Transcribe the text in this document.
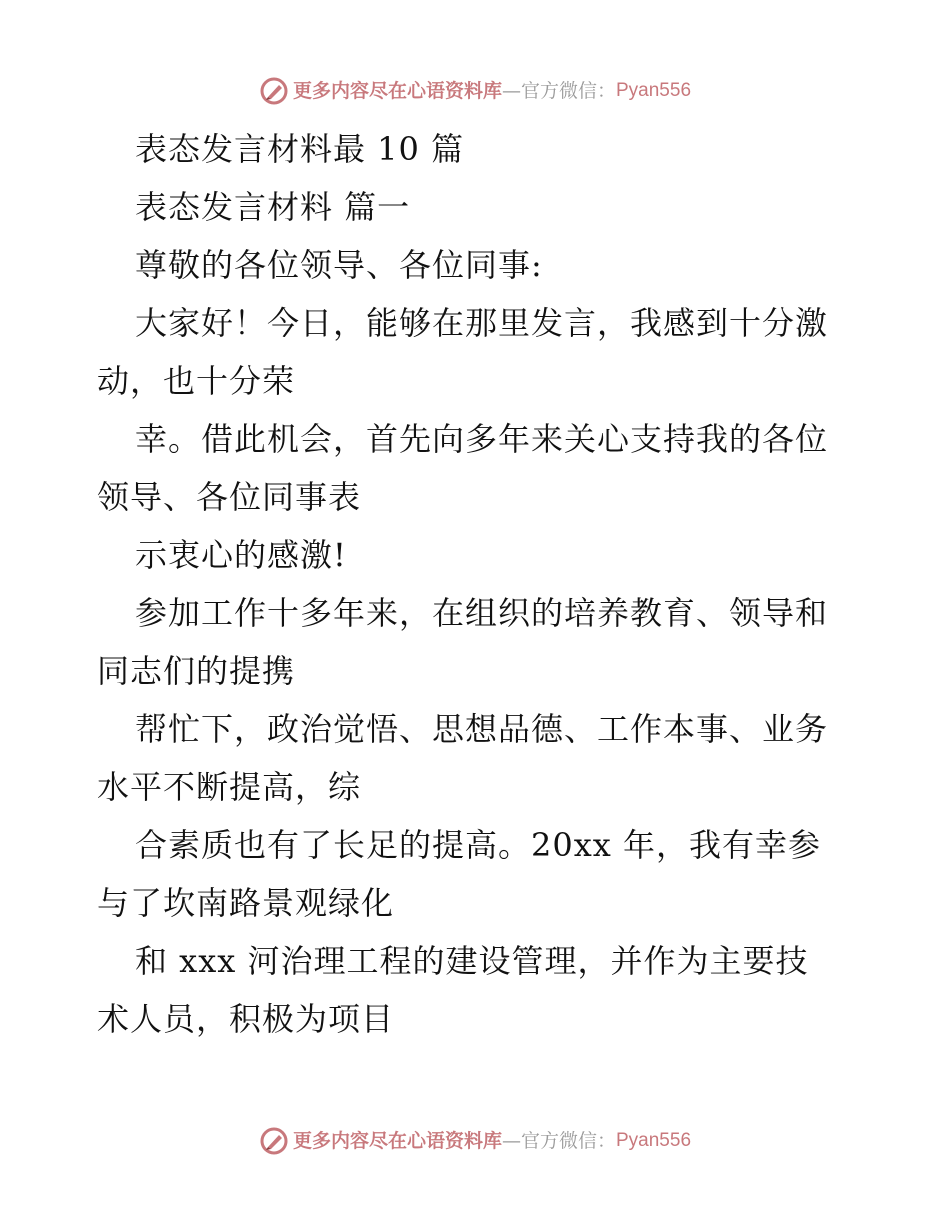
更多内容尽在心语资料库—官方微信：Pyan556
表态发言材料最 10 篇
表态发言材料 篇一
尊敬的各位领导、各位同事:
大家好！今日，能够在那里发言，我感到十分激
动，也十分荣
幸。借此机会，首先向多年来关心支持我的各位
领导、各位同事表
示衷心的感激!
参加工作十多年来，在组织的培养教育、领导和
同志们的提携
帮忙下，政治觉悟、思想品德、工作本事、业务
水平不断提高，综
合素质也有了长足的提高。20xx 年，我有幸参
与了坎南路景观绿化
和 xxx 河治理工程的建设管理，并作为主要技
术人员，积极为项目
更多内容尽在心语资料库—官方微信：Pyan556
